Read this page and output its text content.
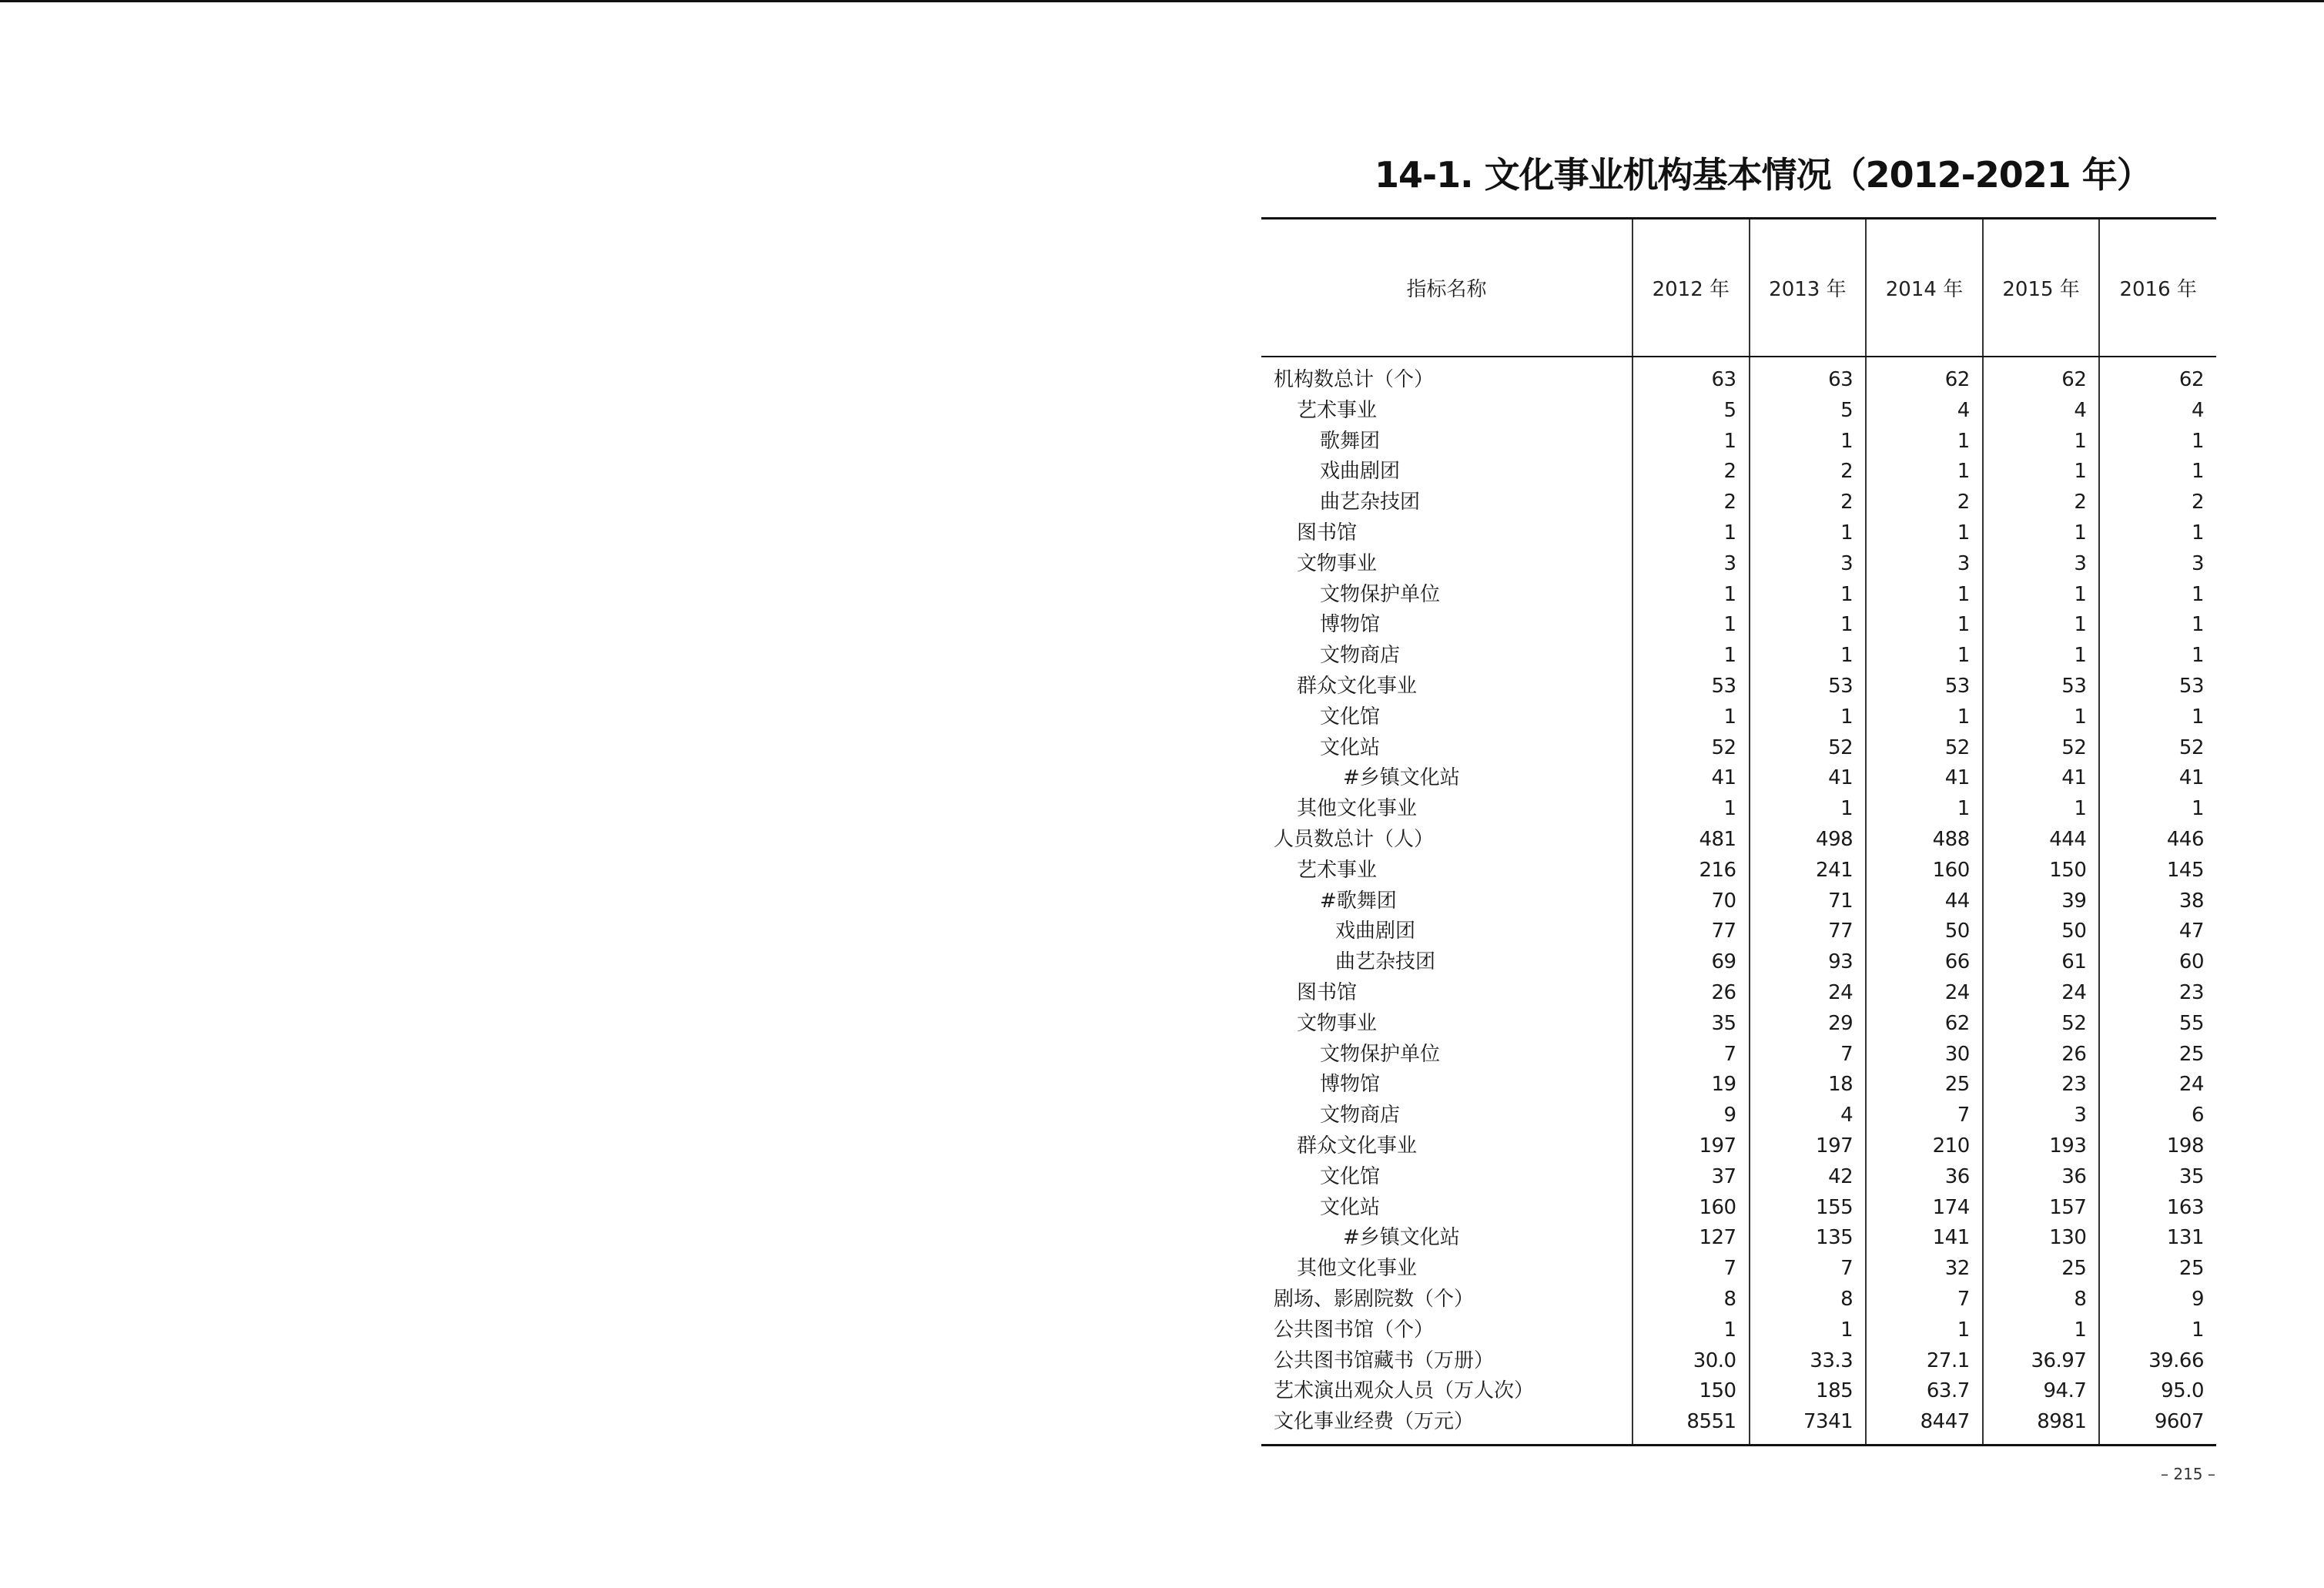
14-1. 文化事业机构基本情况（2012-2021 年）
指标名称	2012 年	2013 年	2014 年	2015 年	2016 年
机构数总计（个）	63	63	62	62	62
艺术事业	5	5	4	4	4
歌舞团	1	1	1	1	1
戏曲剧团	2	2	1	1	1
曲艺杂技团	2	2	2	2	2
图书馆	1	1	1	1	1
文物事业	3	3	3	3	3
文物保护单位	1	1	1	1	1
博物馆	1	1	1	1	1
文物商店	1	1	1	1	1
群众文化事业	53	53	53	53	53
文化馆	1	1	1	1	1
文化站	52	52	52	52	52
#乡镇文化站	41	41	41	41	41
其他文化事业	1	1	1	1	1
人员数总计（人）	481	498	488	444	446
艺术事业	216	241	160	150	145
#歌舞团	70	71	44	39	38
戏曲剧团	77	77	50	50	47
曲艺杂技团	69	93	66	61	60
图书馆	26	24	24	24	23
文物事业	35	29	62	52	55
文物保护单位	7	7	30	26	25
博物馆	19	18	25	23	24
文物商店	9	4	7	3	6
群众文化事业	197	197	210	193	198
文化馆	37	42	36	36	35
文化站	160	155	174	157	163
#乡镇文化站	127	135	141	130	131
其他文化事业	7	7	32	25	25
剧场、影剧院数（个）	8	8	7	8	9
公共图书馆（个）	1	1	1	1	1
公共图书馆藏书（万册）	30.0	33.3	27.1	36.97	39.66
艺术演出观众人员（万人次）	150	185	63.7	94.7	95.0
文化事业经费（万元）	8551	7341	8447	8981	9607
– 215 –
